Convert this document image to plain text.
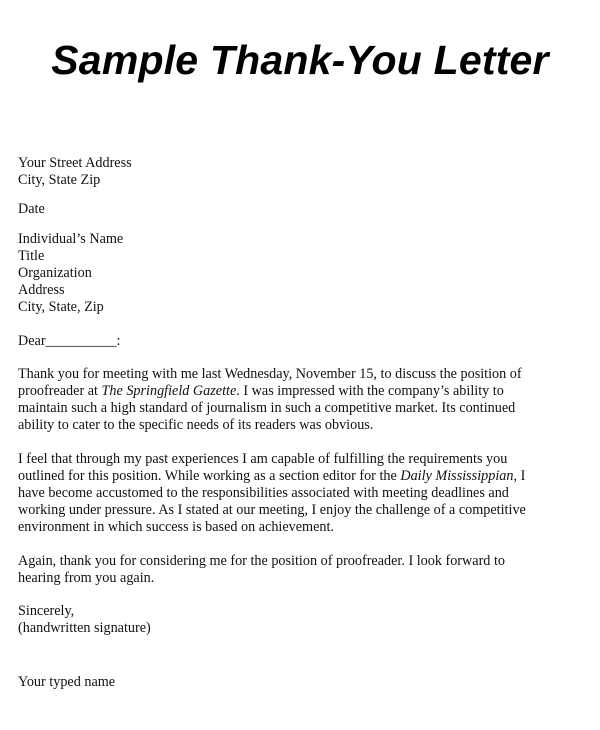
Sample Thank-You Letter
Your Street Address
City, State Zip
Date
Individual’s Name
Title
Organization
Address
City, State, Zip
Dear__________:
Thank you for meeting with me last Wednesday, November 15, to discuss the position of
proofreader at The Springfield Gazette. I was impressed with the company’s ability to
maintain such a high standard of journalism in such a competitive market. Its continued
ability to cater to the specific needs of its readers was obvious.
I feel that through my past experiences I am capable of fulfilling the requirements you
outlined for this position. While working as a section editor for the Daily Mississippian, I
have become accustomed to the responsibilities associated with meeting deadlines and
working under pressure. As I stated at our meeting, I enjoy the challenge of a competitive
environment in which success is based on achievement.
Again, thank you for considering me for the position of proofreader. I look forward to
hearing from you again.
Sincerely,
(handwritten signature)
Your typed name
